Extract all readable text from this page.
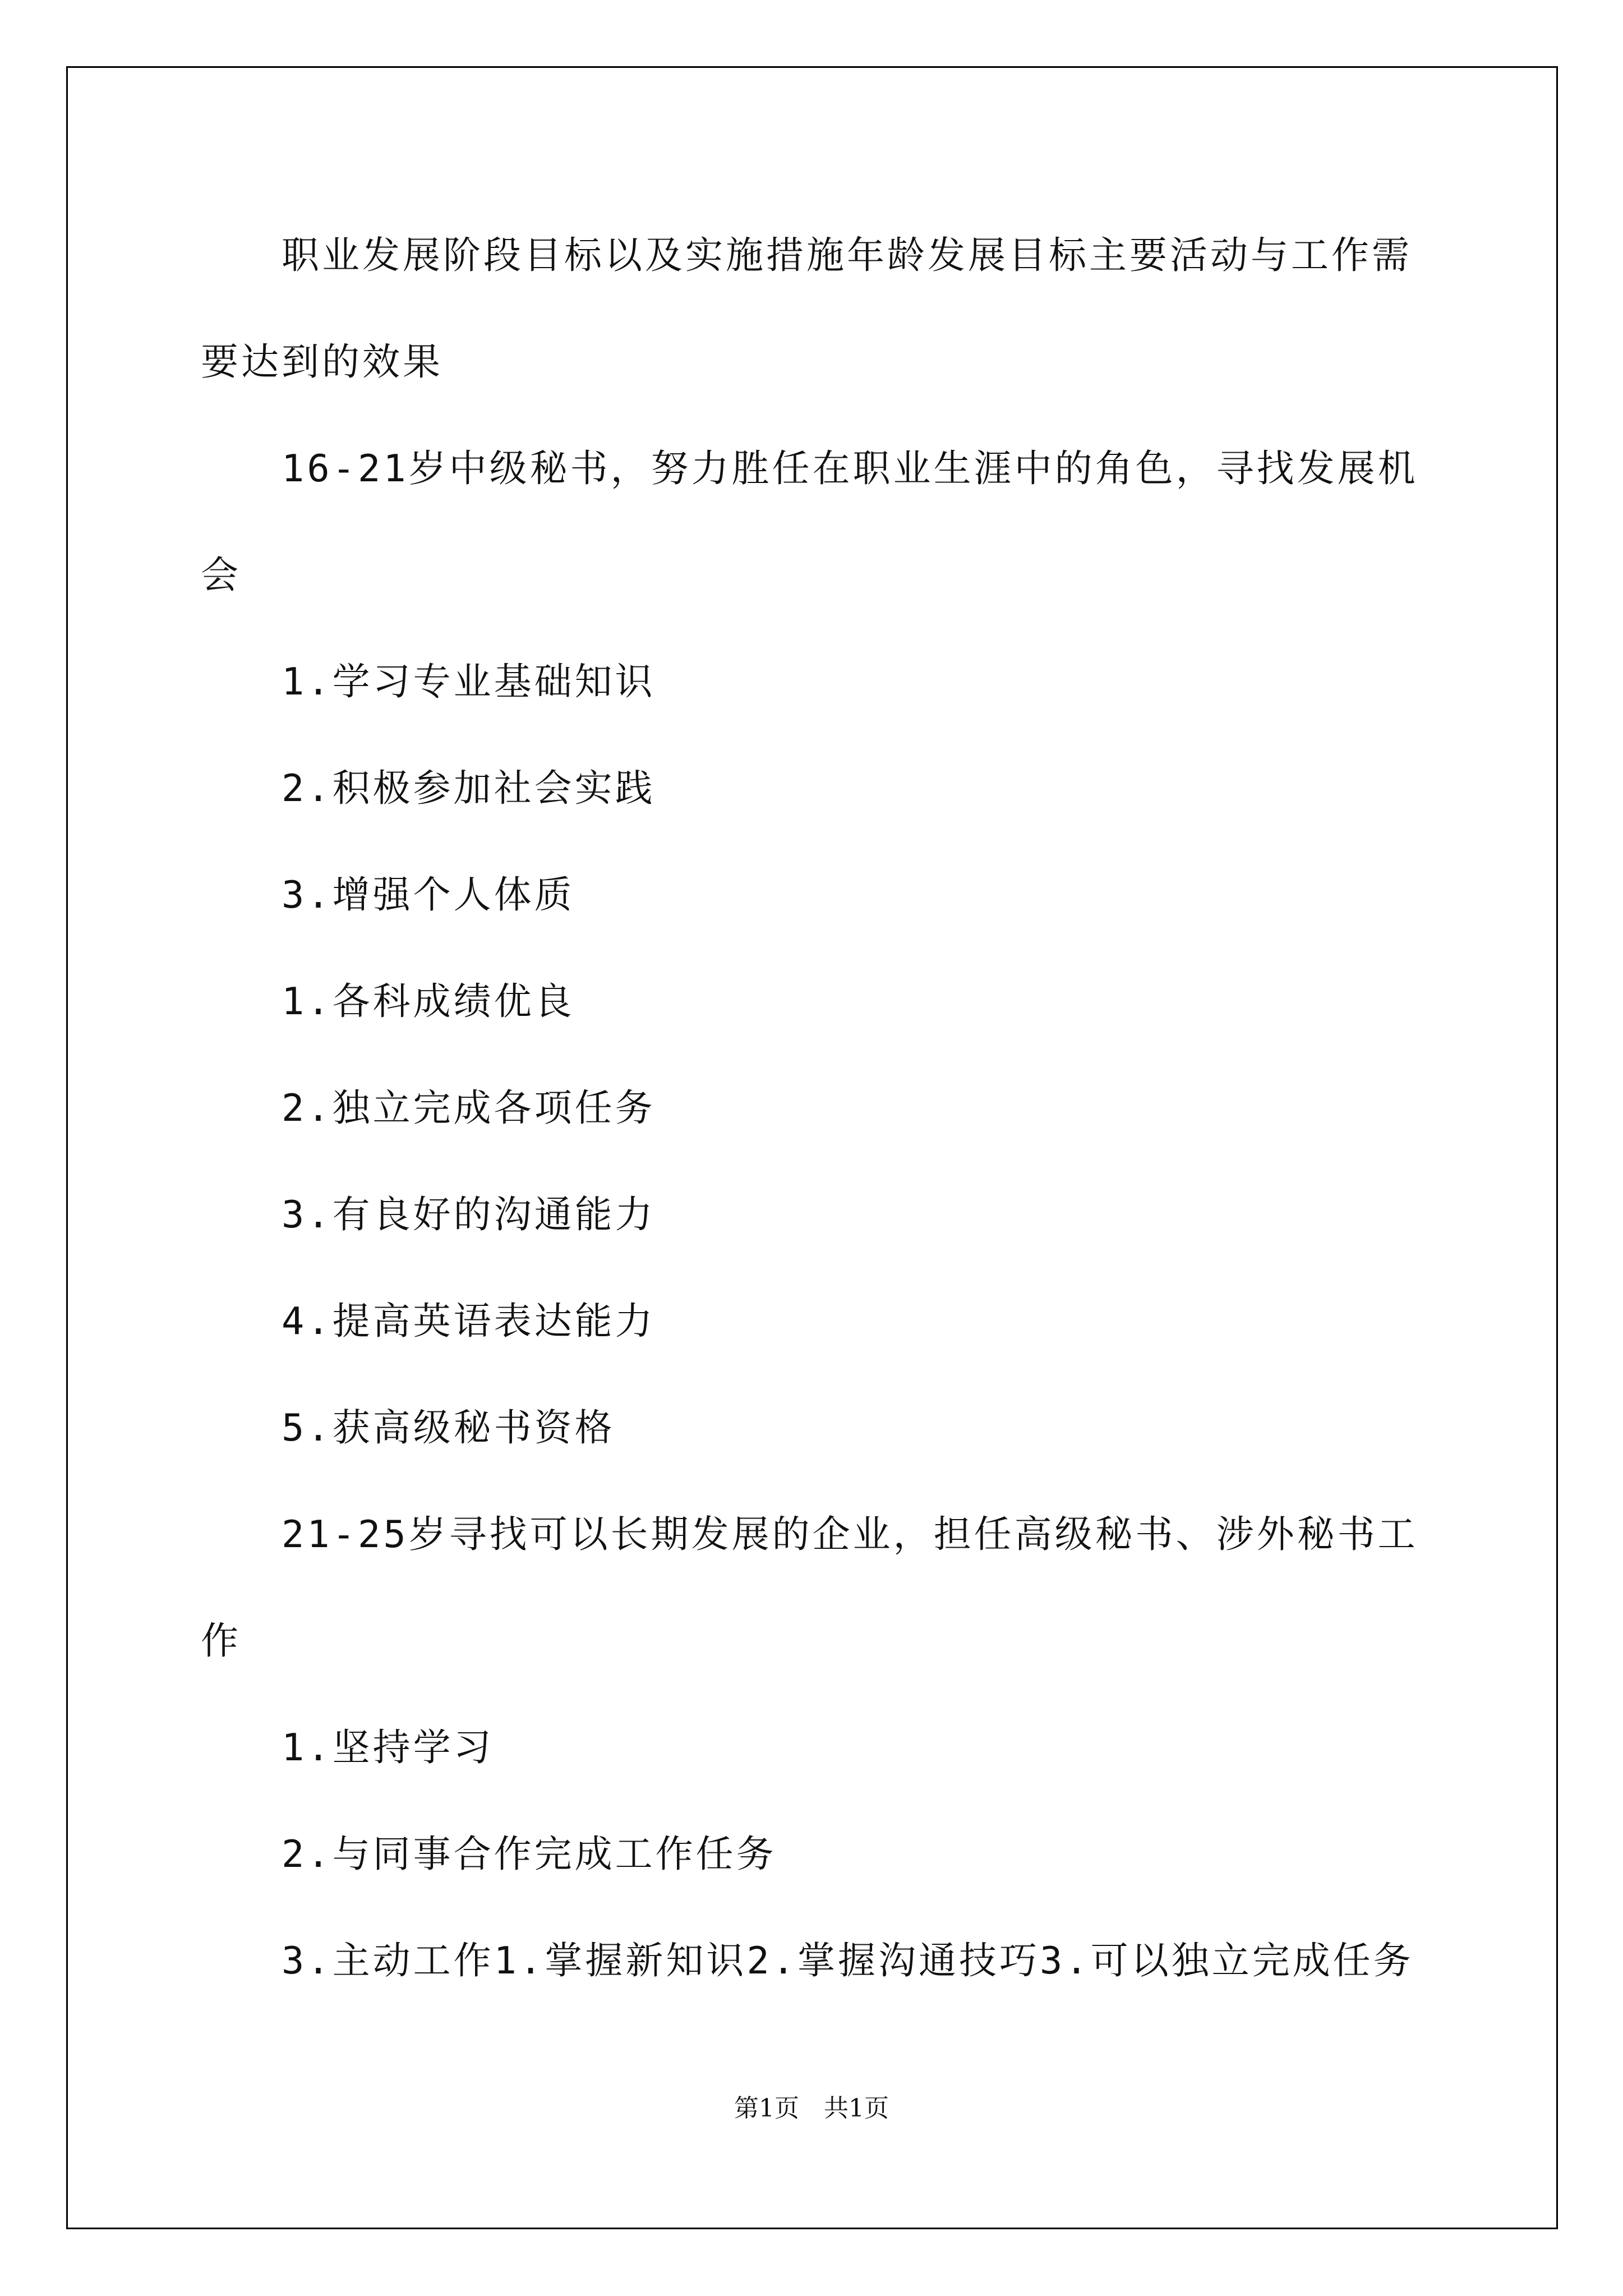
职业发展阶段目标以及实施措施年龄发展目标主要活动与工作需要达到的效果

16-21岁中级秘书，努力胜任在职业生涯中的角色，寻找发展机会

1.学习专业基础知识

2.积极参加社会实践

3.增强个人体质

1.各科成绩优良

2.独立完成各项任务

3.有良好的沟通能力

4.提高英语表达能力

5.获高级秘书资格

21-25岁寻找可以长期发展的企业，担任高级秘书、涉外秘书工作

1.坚持学习

2.与同事合作完成工作任务

3.主动工作1.掌握新知识2.掌握沟通技巧3.可以独立完成任务

第1页　共1页
